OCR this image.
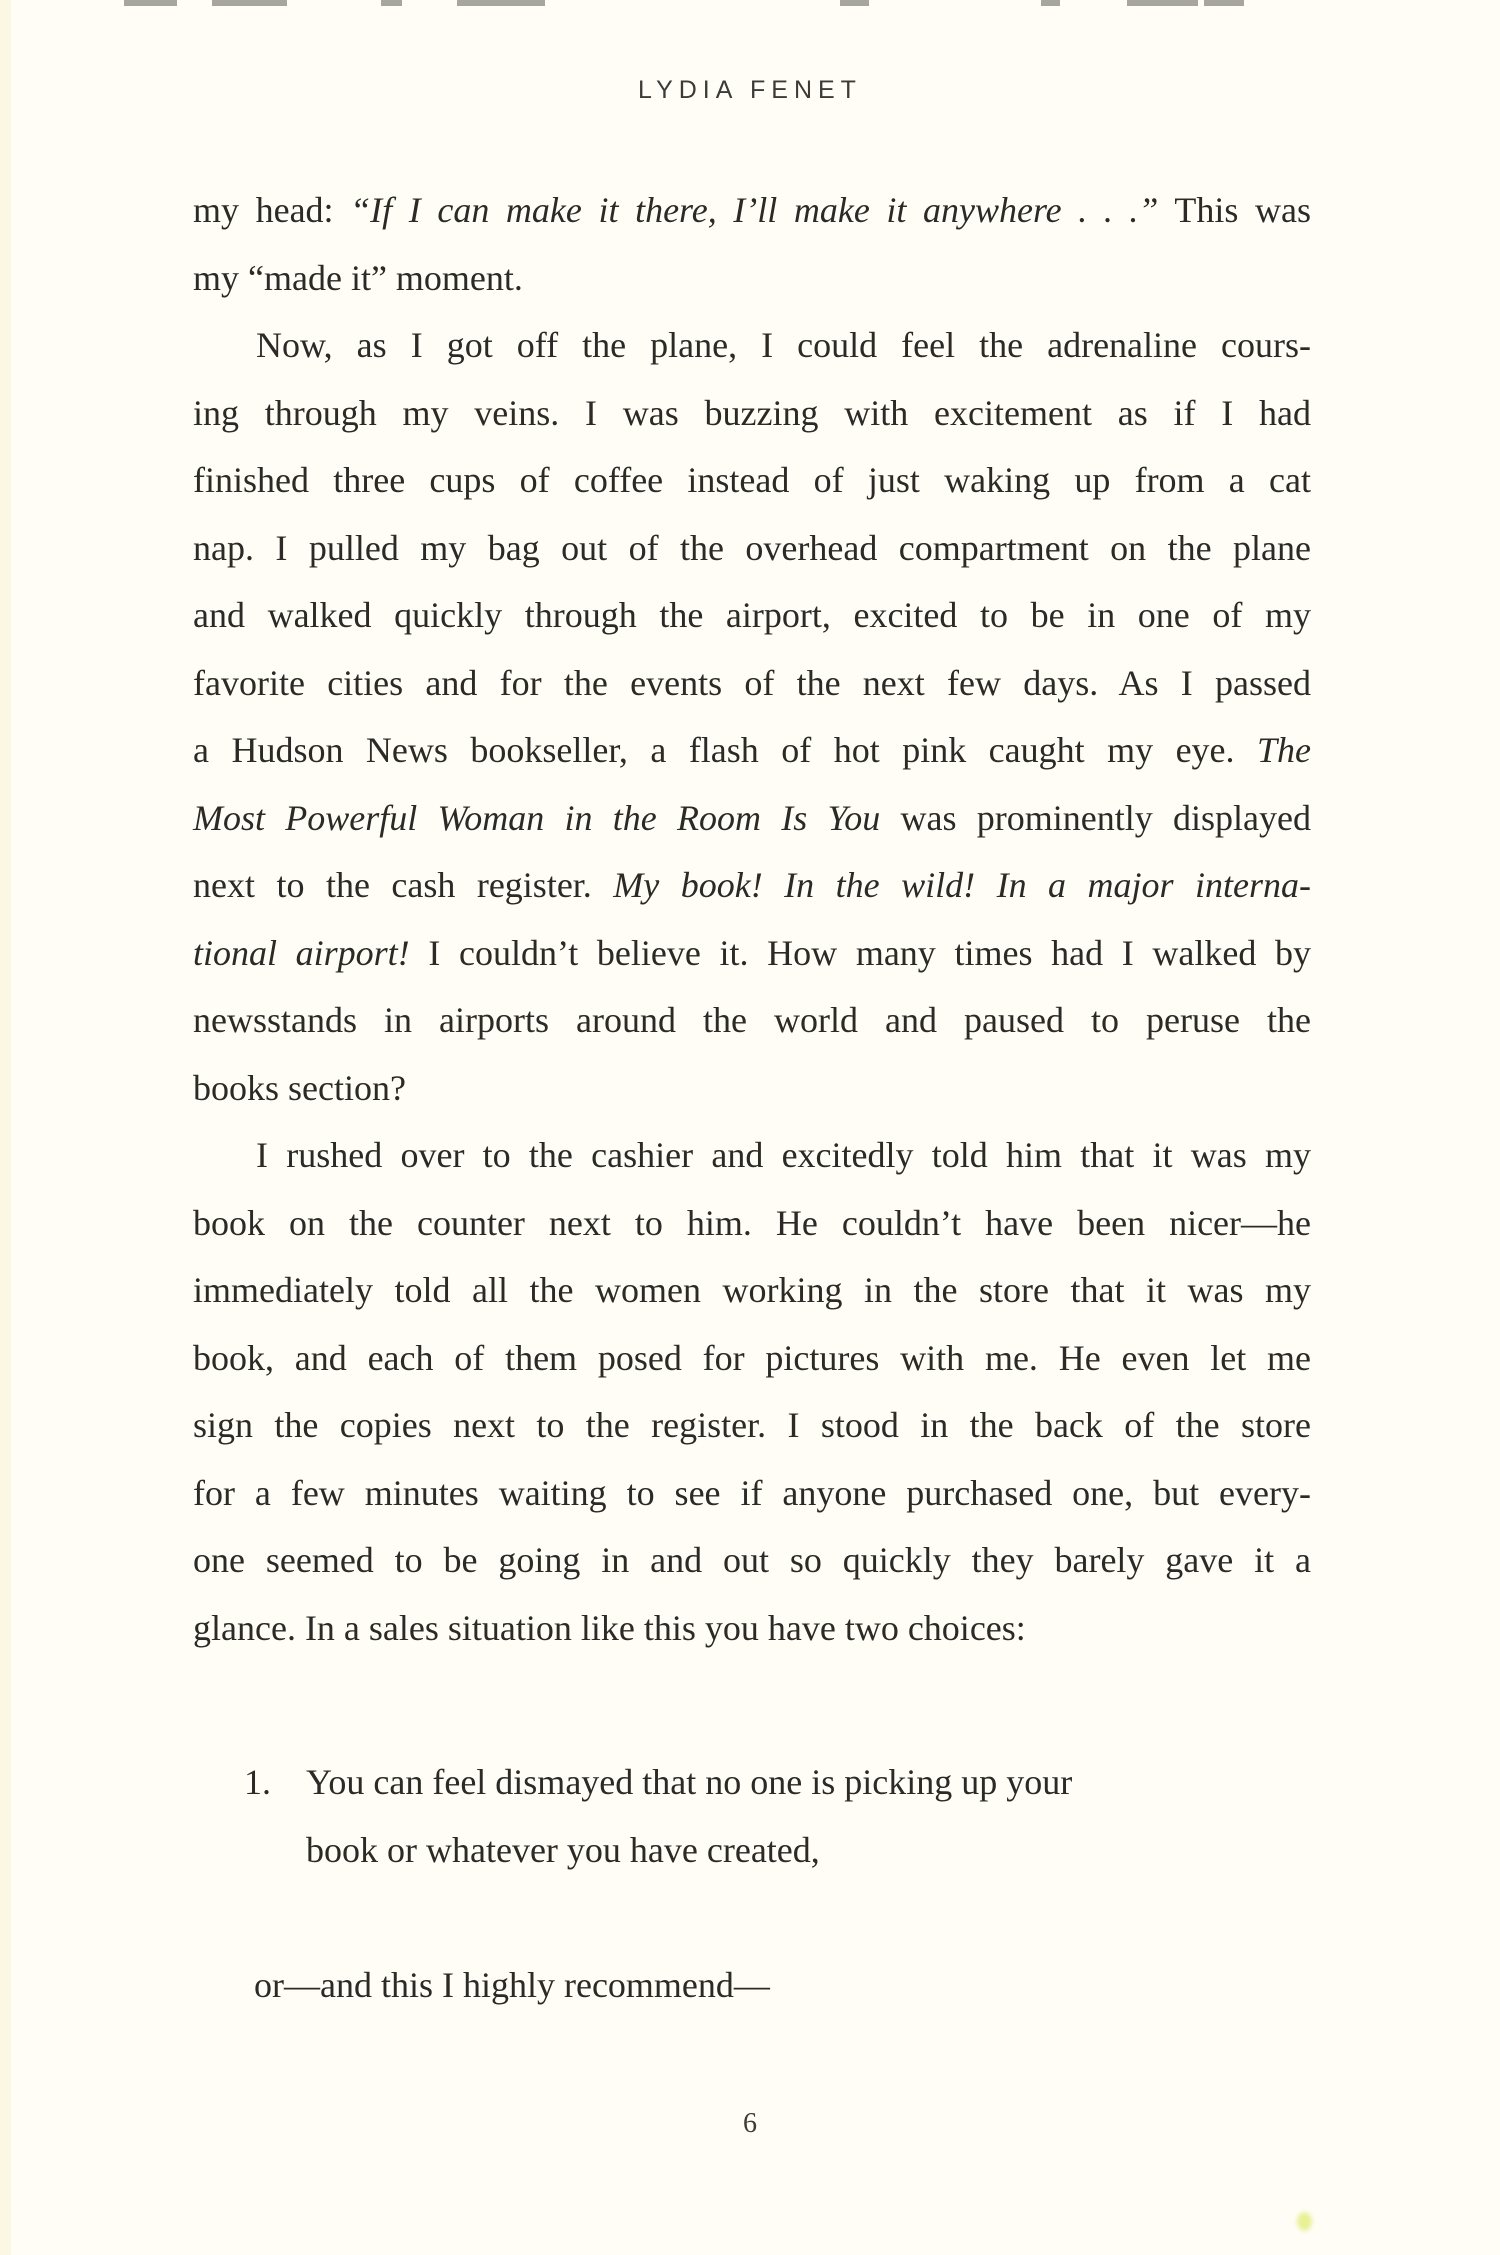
LYDIA FENET
my head: “If I can make it there, I’ll make it anywhere . . .” This was
my “made it” moment.
Now, as I got off the plane, I could feel the adrenaline cours-
ing through my veins. I was buzzing with excitement as if I had
finished three cups of coffee instead of just waking up from a cat
nap. I pulled my bag out of the overhead compartment on the plane
and walked quickly through the airport, excited to be in one of my
favorite cities and for the events of the next few days. As I passed
a Hudson News bookseller, a flash of hot pink caught my eye. The
Most Powerful Woman in the Room Is You was prominently displayed
next to the cash register. My book! In the wild! In a major interna-
tional airport! I couldn’t believe it. How many times had I walked by
newsstands in airports around the world and paused to peruse the
books section?
I rushed over to the cashier and excitedly told him that it was my
book on the counter next to him. He couldn’t have been nicer—he
immediately told all the women working in the store that it was my
book, and each of them posed for pictures with me. He even let me
sign the copies next to the register. I stood in the back of the store
for a few minutes waiting to see if anyone purchased one, but every-
one seemed to be going in and out so quickly they barely gave it a
glance. In a sales situation like this you have two choices:
1. You can feel dismayed that no one is picking up your
book or whatever you have created,
or—and this I highly recommend—
6
